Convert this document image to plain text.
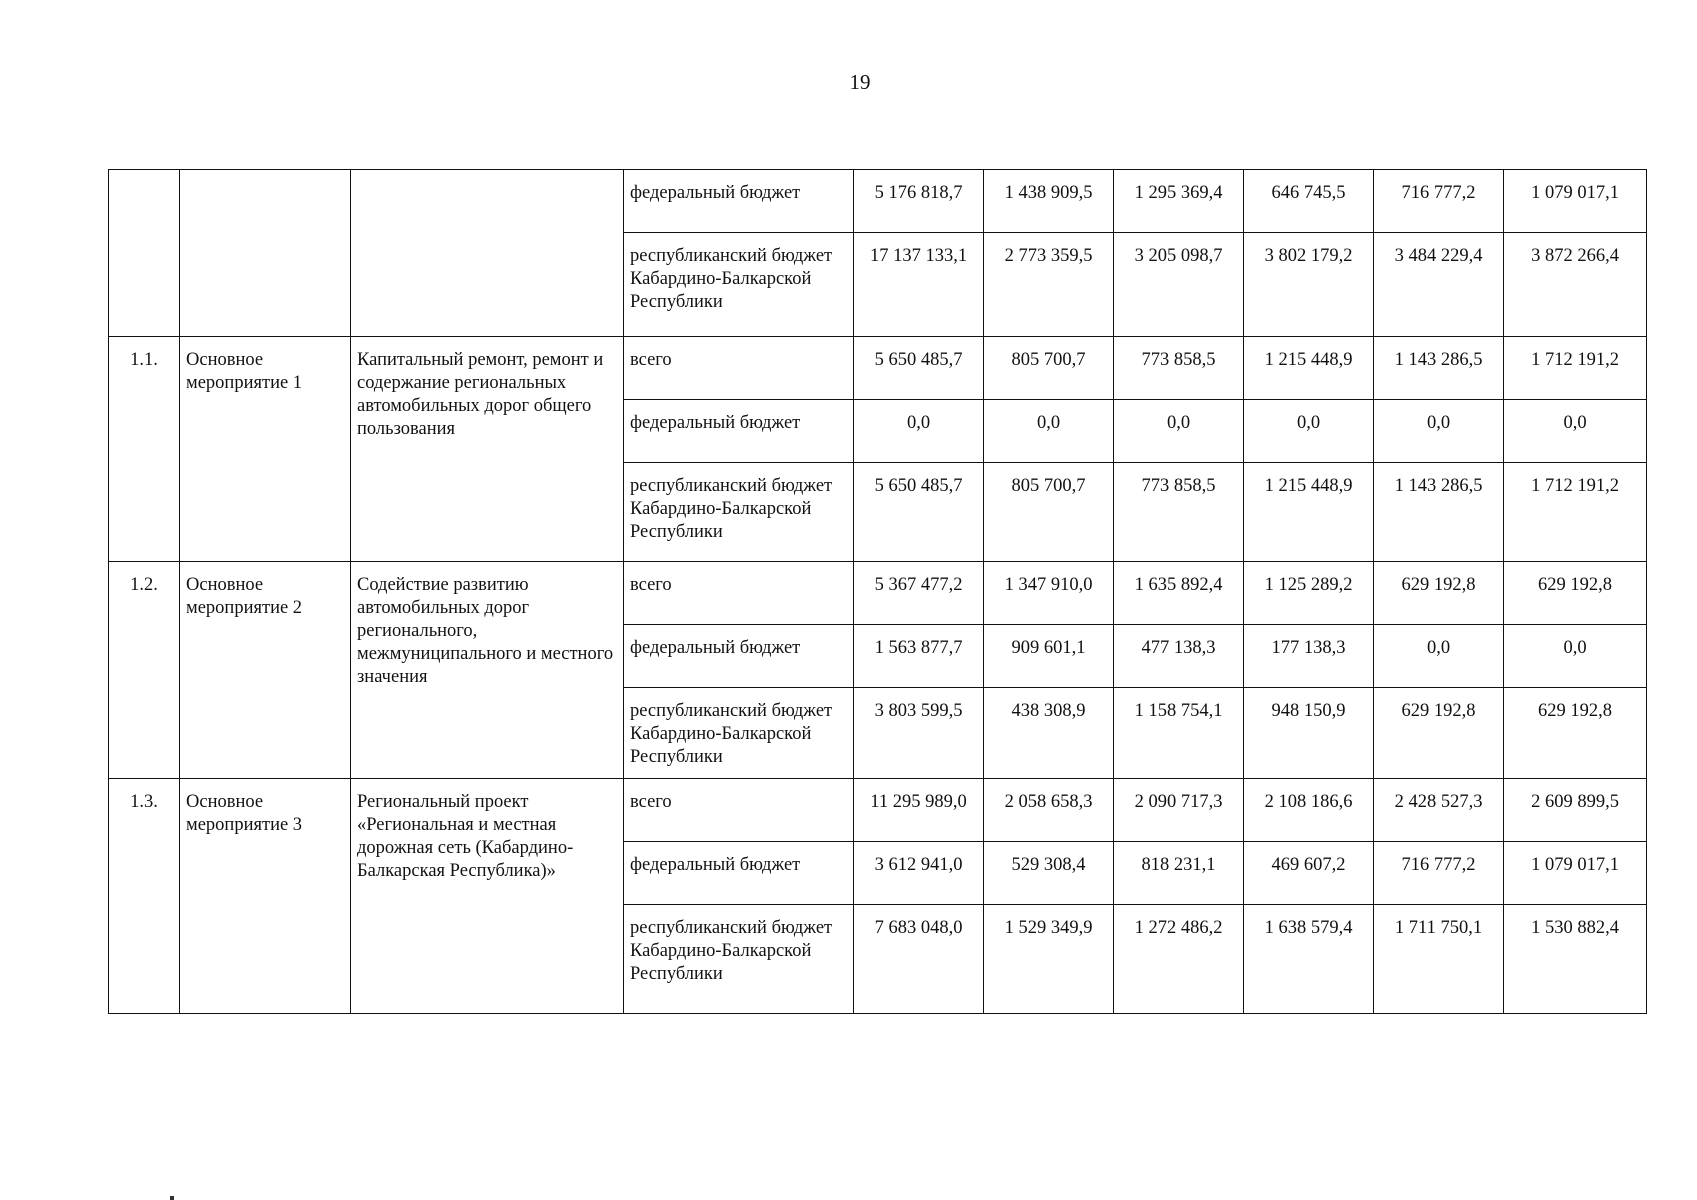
19
			федеральный бюджет	5 176 818,7	1 438 909,5	1 295 369,4	646 745,5	716 777,2	1 079 017,1
			республиканский бюджет Кабардино-Балкарской Республики	17 137 133,1	2 773 359,5	3 205 098,7	3 802 179,2	3 484 229,4	3 872 266,4
1.1.	Основное мероприятие 1	Капитальный ремонт, ремонт и содержание региональных автомобильных дорог общего пользования	всего	5 650 485,7	805 700,7	773 858,5	1 215 448,9	1 143 286,5	1 712 191,2
			федеральный бюджет	0,0	0,0	0,0	0,0	0,0	0,0
			республиканский бюджет Кабардино-Балкарской Республики	5 650 485,7	805 700,7	773 858,5	1 215 448,9	1 143 286,5	1 712 191,2
1.2.	Основное мероприятие 2	Содействие развитию автомобильных дорог регионального, межмуниципального и местного значения	всего	5 367 477,2	1 347 910,0	1 635 892,4	1 125 289,2	629 192,8	629 192,8
			федеральный бюджет	1 563 877,7	909 601,1	477 138,3	177 138,3	0,0	0,0
			республиканский бюджет Кабардино-Балкарской Республики	3 803 599,5	438 308,9	1 158 754,1	948 150,9	629 192,8	629 192,8
1.3.	Основное мероприятие 3	Региональный проект «Региональная и местная дорожная сеть (Кабардино-Балкарская Республика)»	всего	11 295 989,0	2 058 658,3	2 090 717,3	2 108 186,6	2 428 527,3	2 609 899,5
			федеральный бюджет	3 612 941,0	529 308,4	818 231,1	469 607,2	716 777,2	1 079 017,1
			республиканский бюджет Кабардино-Балкарской Республики	7 683 048,0	1 529 349,9	1 272 486,2	1 638 579,4	1 711 750,1	1 530 882,4
